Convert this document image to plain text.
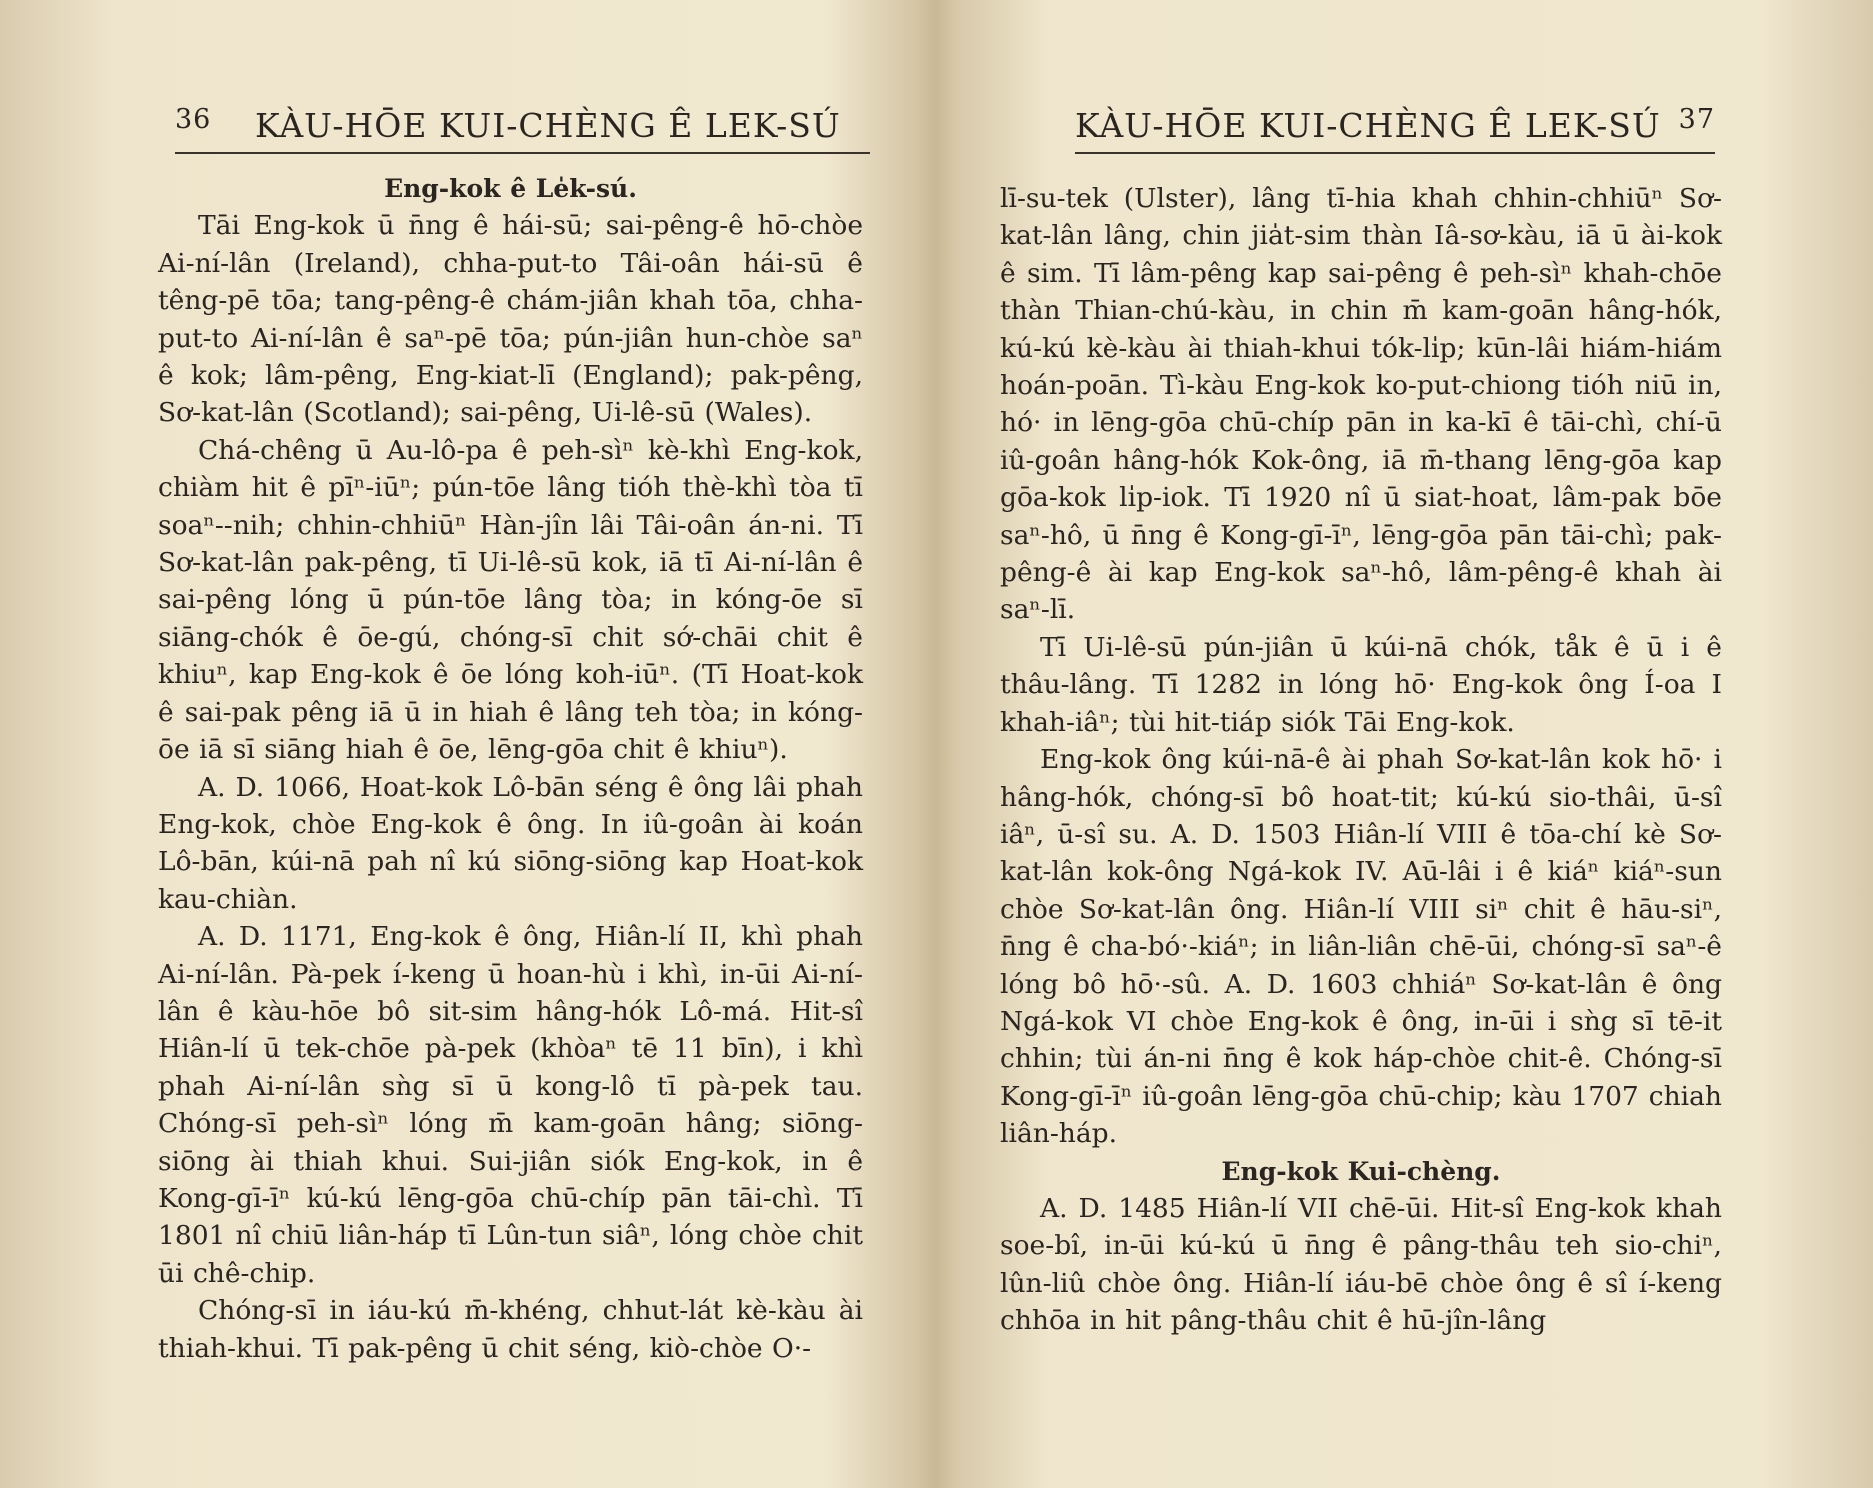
36 KÀU-HŌE KUI-CHÈNG Ê LEK-SÚ

Eng-kok ê Le̍k-sú.

Tāi Eng-kok ū n̄ng ê hái-sū; sai-pêng-ê hō-chòe Ai-ní-lân (Ireland), chha-put-to Tâi-oân hái-sū ê têng-pē tōa; tang-pêng-ê chám-jiân khah tōa, chha-put-to Ai-ní-lân ê saⁿ-pē tōa; pún-jiân hun-chòe saⁿ ê kok; lâm-pêng, Eng-kiat-lī (England); pak-pêng, Sơ-kat-lân (Scotland); sai-pêng, Ui-lê-sū (Wales).

Chá-chêng ū Au-lô-pa ê peh-sìⁿ kè-khì Eng-kok, chiàm hit ê pīⁿ-iūⁿ; pún-tōe lâng tióh thè-khì tòa tī soaⁿ--nih; chhin-chhiūⁿ Hàn-jîn lâi Tâi-oân án-ni. Tī Sơ-kat-lân pak-pêng, tī Ui-lê-sū kok, iā tī Ai-ní-lân ê sai-pêng lóng ū pún-tōe lâng tòa; in kóng-ōe sī siāng-chók ê ōe-gú, chóng-sī chit sớ-chāi chit ê khiuⁿ, kap Eng-kok ê ōe lóng koh-iūⁿ. (Tī Hoat-kok ê sai-pak pêng iā ū in hiah ê lâng teh tòa; in kóng-ōe iā sī siāng hiah ê ōe, lēng-gōa chit ê khiuⁿ).

A. D. 1066, Hoat-kok Lô-bān séng ê ông lâi phah Eng-kok, chòe Eng-kok ê ông. In iû-goân ài koán Lô-bān, kúi-nā pah nî kú siōng-siōng kap Hoat-kok kau-chiàn.

A. D. 1171, Eng-kok ê ông, Hiân-lí II, khì phah Ai-ní-lân. Pà-pek í-keng ū hoan-hù i khì, in-ūi Ai-ní-lân ê kàu-hōe bô sit-sim hâng-hók Lô-má. Hit-sî Hiân-lí ū tek-chōe pà-pek (khòaⁿ tē 11 bīn), i khì phah Ai-ní-lân sǹg sī ū kong-lô tī pà-pek tau. Chóng-sī peh-sìⁿ lóng m̄ kam-goān hâng; siōng-siōng ài thiah khui. Sui-jiân siók Eng-kok, in ê Kong-gī-īⁿ kú-kú lēng-gōa chū-chíp pān tāi-chì. Tī 1801 nî chiū liân-háp tī Lûn-tun siâⁿ, lóng chòe chit ūi chê-chip.

Chóng-sī in iáu-kú m̄-khéng, chhut-lát kè-kàu ài thiah-khui. Tī pak-pêng ū chit séng, kiò-chòe O·-

KÀU-HŌE KUI-CHÈNG Ê LEK-SÚ 37

lī-su-tek (Ulster), lâng tī-hia khah chhin-chhiūⁿ Sơ-kat-lân lâng, chin jia̍t-sim thàn Iâ-sơ-kàu, iā ū ài-kok ê sim. Tī lâm-pêng kap sai-pêng ê peh-sìⁿ khah-chōe thàn Thian-chú-kàu, in chin m̄ kam-goān hâng-hók, kú-kú kè-kàu ài thiah-khui tók-li̍p; kūn-lâi hiám-hiám hoán-poān. Tì-kàu Eng-kok ko-put-chiong tióh niū in, hó· in lēng-gōa chū-chíp pān in ka-kī ê tāi-chì, chí-ū iû-goân hâng-hók Kok-ông, iā m̄-thang lēng-gōa kap gōa-kok li̍p-iok. Tī 1920 nî ū siat-hoat, lâm-pak bōe saⁿ-hô, ū n̄ng ê Kong-gī-īⁿ, lēng-gōa pān tāi-chì; pak-pêng-ê ài kap Eng-kok saⁿ-hô, lâm-pêng-ê khah ài saⁿ-lī.

Tī Ui-lê-sū pún-jiân ū kúi-nā chók, tåk ê ū i ê thâu-lâng. Tī 1282 in lóng hō· Eng-kok ông Í-oa I khah-iâⁿ; tùi hit-tiáp siók Tāi Eng-kok.

Eng-kok ông kúi-nā-ê ài phah Sơ-kat-lân kok hō· i hâng-hók, chóng-sī bô hoat-tit; kú-kú sio-thâi, ū-sî iâⁿ, ū-sî su. A. D. 1503 Hiân-lí VIII ê tōa-chí kè Sơ-kat-lân kok-ông Ngá-kok IV. Aū-lâi i ê kiáⁿ kiáⁿ-sun chòe Sơ-kat-lân ông. Hiân-lí VIII siⁿ chit ê hāu-siⁿ, n̄ng ê cha-bó·-kiáⁿ; in liân-liân chē-ūi, chóng-sī saⁿ-ê lóng bô hō·-sû. A. D. 1603 chhiáⁿ Sơ-kat-lân ê ông Ngá-kok VI chòe Eng-kok ê ông, in-ūi i sǹg sī tē-it chhin; tùi án-ni n̄ng ê kok háp-chòe chit-ê. Chóng-sī Kong-gī-īⁿ iû-goân lēng-gōa chū-chip; kàu 1707 chiah liân-háp.

Eng-kok Kui-chèng.

A. D. 1485 Hiân-lí VII chē-ūi. Hit-sî Eng-kok khah soe-bî, in-ūi kú-kú ū n̄ng ê pâng-thâu teh sio-chiⁿ, lûn-liû chòe ông. Hiân-lí iáu-bē chòe ông ê sî í-keng chhōa in hit pâng-thâu chit ê hū-jîn-lâng
